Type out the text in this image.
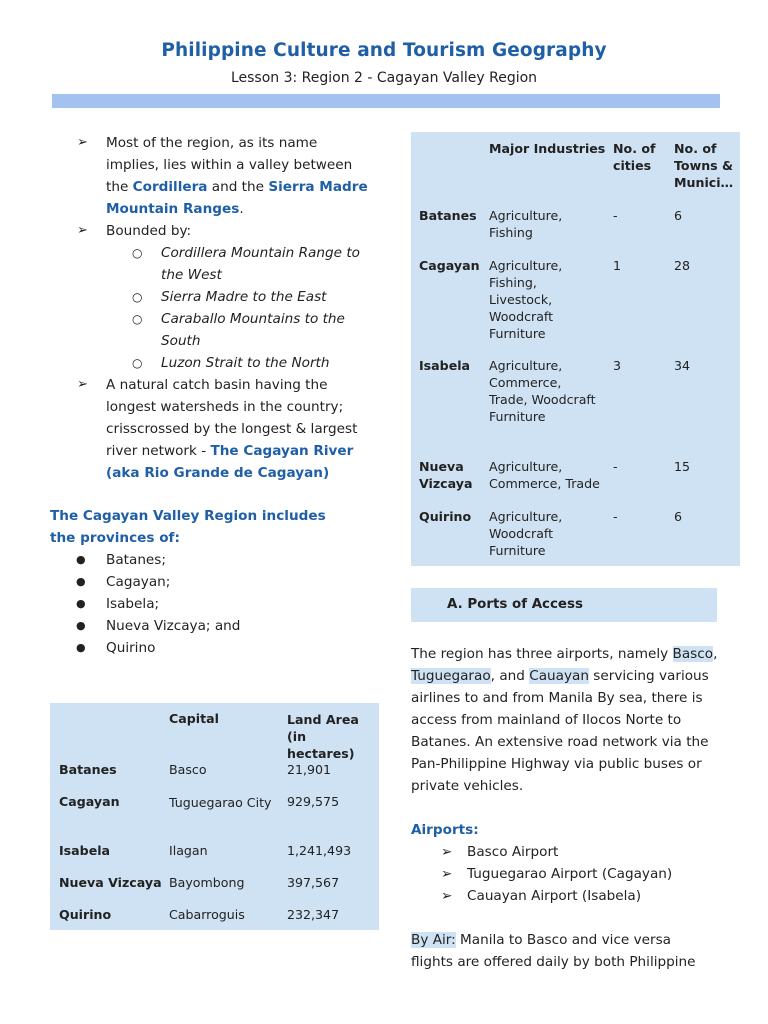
Philippine Culture and Tourism Geography
Lesson 3: Region 2 - Cagayan Valley Region
➢ Most of the region, as its name implies, lies within a valley between the Cordillera and the Sierra Madre Mountain Ranges.
➢ Bounded by:
○ Cordillera Mountain Range to the West
○ Sierra Madre to the East
○ Caraballo Mountains to the South
○ Luzon Strait to the North
➢ A natural catch basin having the longest watersheds in the country; crisscrossed by the longest & largest river network - The Cagayan River (aka Rio Grande de Cagayan)
The Cagayan Valley Region includes the provinces of:
● Batanes;
● Cagayan;
● Isabela;
● Nueva Vizcaya; and
● Quirino
	Capital	Land Area (in hectares)
Batanes	Basco	21,901
Cagayan	Tuguegarao City	929,575
Isabela	Ilagan	1,241,493
Nueva Vizcaya	Bayombong	397,567
Quirino	Cabarroguis	232,347
	Major Industries	No. of cities	No. of Towns & Munici…
Batanes	Agriculture, Fishing	-	6
Cagayan	Agriculture, Fishing, Livestock, Woodcraft Furniture	1	28
Isabela	Agriculture, Commerce, Trade, Woodcraft Furniture	3	34
Nueva Vizcaya	Agriculture, Commerce, Trade	-	15
Quirino	Agriculture, Woodcraft Furniture	-	6
A. Ports of Access
The region has three airports, namely Basco, Tuguegarao, and Cauayan servicing various airlines to and from Manila By sea, there is access from mainland of Ilocos Norte to Batanes. An extensive road network via the Pan-Philippine Highway via public buses or private vehicles.
Airports:
➢ Basco Airport
➢ Tuguegarao Airport (Cagayan)
➢ Cauayan Airport (Isabela)
By Air: Manila to Basco and vice versa flights are offered daily by both Philippine
